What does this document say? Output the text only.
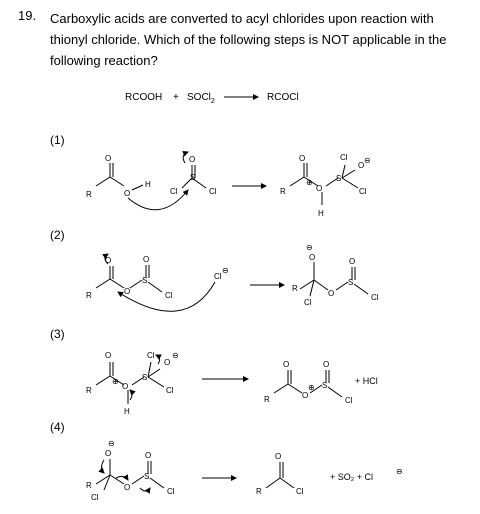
19. Carboxylic acids are converted to acyl chlorides upon reaction with thionyl chloride. Which of the following steps is NOT applicable in the following reaction?
RCOOH + SOCl$_2$	RCOCl
(1)
(2)
(3)
(4)
O
R	O
H
Cl
S
Cl
O	O
R	O
S
Cl
Cl
O
H
⊖
⊕
O
R	O
S
O
Cl
Cl
⊖
O
⊖
R
Cl
O
S
O
Cl
O
R	O
⊕
H
S
Cl
O
⊖
Cl
R
O
O
⊕ S
O
Cl
+ HCl
O
⊖
R
Cl
O
S
O
Cl
O
R	Cl
+ SO₂ + Cl
⊖
